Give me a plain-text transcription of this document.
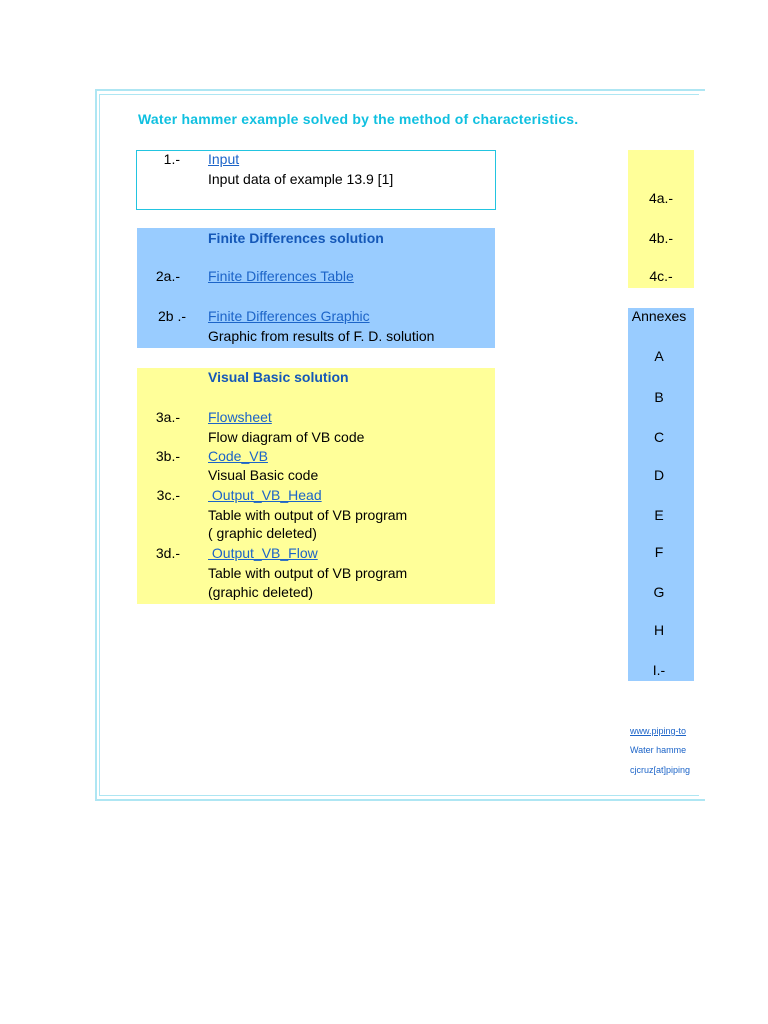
Water hammer example solved by the method of characteristics.
1.- Input
Input data of example 13.9 [1]
Finite Differences solution
2a.- Finite Differences Table
2b .- Finite Differences Graphic
Graphic from results of F. D. solution
Visual Basic solution
3a.- Flowsheet
Flow diagram of VB code
3b.- Code_VB
Visual Basic code
3c.- Output_VB_Head
Table with output of VB program
( graphic deleted)
3d.- Output_VB_Flow
Table with output of VB program
(graphic deleted)
4a.-
4b.-
4c.-
Annexes
A
B
C
D
E
F
G
H
I.-
www.piping-to
Water hamme
cjcruz[at]piping
